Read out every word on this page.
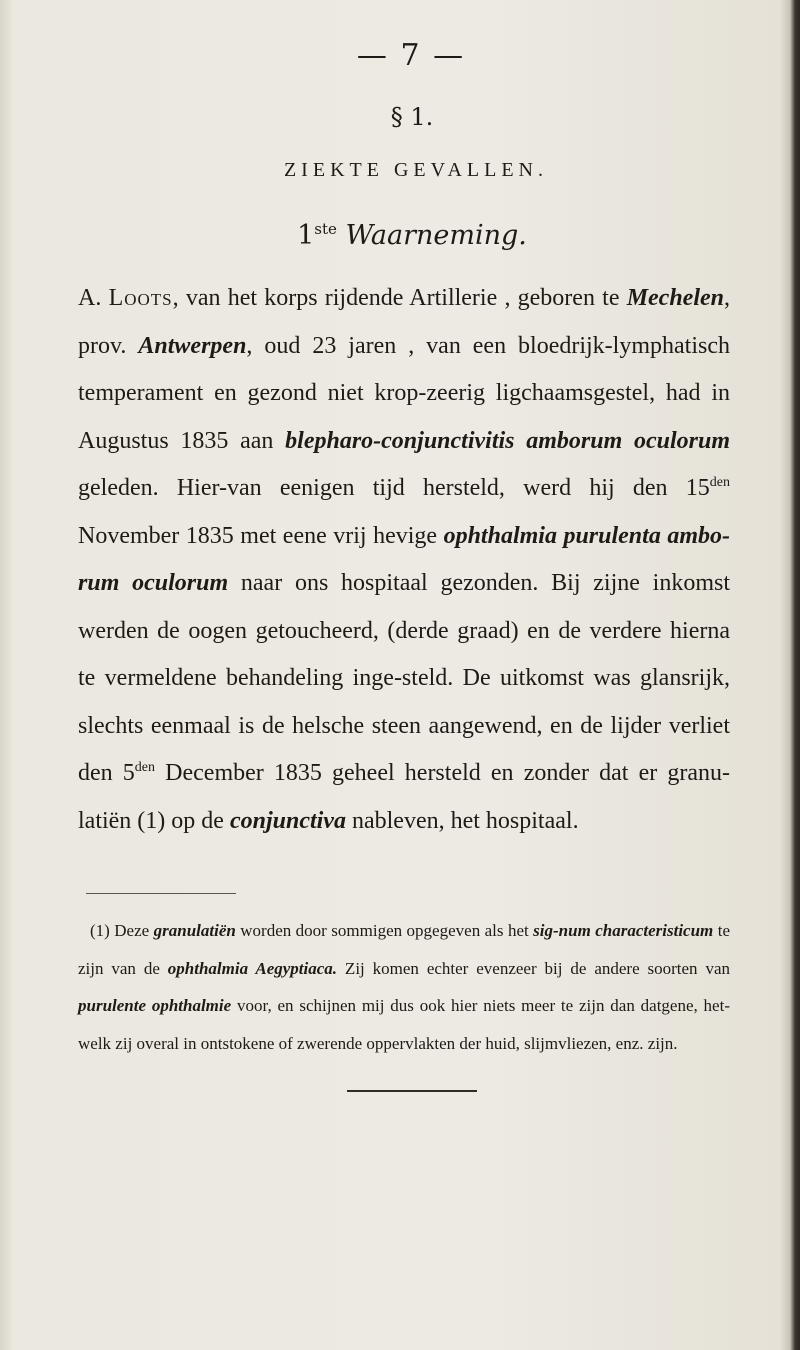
— 7 —
§ 1.
ZIEKTE GEVALLEN.
1ste Waarneming.

A. Loots, van het korps rijdende Artillerie , geboren te Mechelen, prov. Antwerpen, oud 23 jaren , van een bloedrijk-lymphatisch temperament en gezond niet krop-zeerig ligchaamsgestel, had in Augustus 1835 aan blepharo-conjunctivitis amborum oculorum geleden. Hier-van eenigen tijd hersteld, werd hij den $15^{den}$ November 1835 met eene vrij hevige ophthalmia purulenta ambo-rum oculorum naar ons hospitaal gezonden. Bij zijne inkomst werden de oogen getoucheerd, (derde graad) en de verdere hierna te vermeldene behandeling inge-steld. De uitkomst was glansrijk, slechts eenmaal is de helsche steen aangewend, en de lijder verliet den $5^{den}$ December 1835 geheel hersteld en zonder dat er granu-latiën (1) op de conjunctiva nableven, het hospitaal.

(1) Deze granulatiën worden door sommigen opgegeven als het sig-num characteristicum te zijn van de ophthalmia Aegyptiaca. Zij komen echter evenzeer bij de andere soorten van purulente ophthalmie voor, en schijnen mij dus ook hier niets meer te zijn dan datgene, het-welk zij overal in ontstokene of zwerende oppervlakten der huid, slijmvliezen, enz. zijn.
